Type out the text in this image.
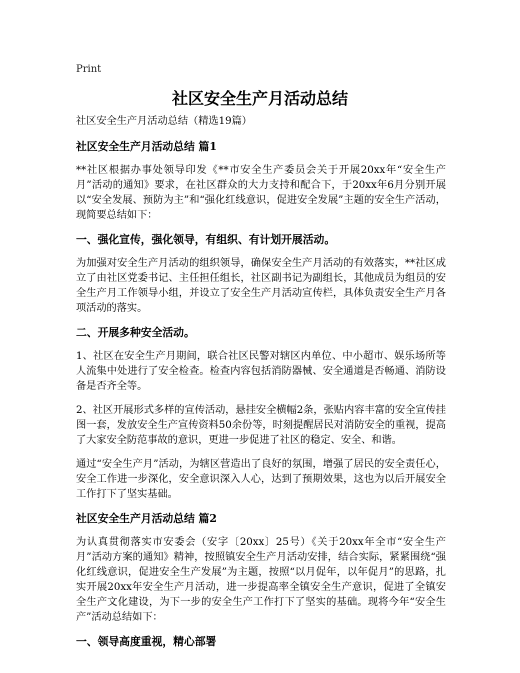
Print
社区安全生产月活动总结

社区安全生产月活动总结（精选19篇）

社区安全生产月活动总结 篇1

**社区根据办事处领导印发《**市安全生产委员会关于开展20xx年“安全生产月”活动的通知》要求，在社区群众的大力支持和配合下，于20xx年6月分别开展以“安全发展、预防为主”和“强化红线意识，促进安全发展”主题的安全生产活动，现简要总结如下：

一、强化宣传，强化领导，有组织、有计划开展活动。

为加强对安全生产月活动的组织领导，确保安全生产月活动的有效落实，**社区成立了由社区党委书记、主任担任组长，社区副书记为副组长，其他成员为组员的安全生产月工作领导小组，并设立了安全生产月活动宣传栏，具体负责安全生产月各项活动的落实。

二、开展多种安全活动。

1、社区在安全生产月期间，联合社区民警对辖区内单位、中小超市、娱乐场所等人流集中处进行了安全检查。检查内容包括消防器械、安全通道是否畅通、消防设备是否齐全等。

2、社区开展形式多样的宣传活动，悬挂安全横幅2条，张贴内容丰富的安全宣传挂图一套，发放安全生产宣传资料50余份等，时刻提醒居民对消防安全的重视，提高了大家安全防范事故的意识，更进一步促进了社区的稳定、安全、和谐。

通过“安全生产月”活动，为辖区营造出了良好的氛围，增强了居民的安全责任心，安全工作进一步深化，安全意识深入人心，达到了预期效果，这也为以后开展安全工作打下了坚实基础。

社区安全生产月活动总结 篇2

为认真贯彻落实市安委会（安字〔20xx〕25号）《关于20xx年全市“安全生产月”活动方案的通知》精神，按照镇安全生产月活动安排，结合实际，紧紧围绕“强化红线意识，促进安全生产发展”为主题，按照“以月促年，以年促月”的思路，扎实开展20xx年安全生产月活动，进一步提高率全镇安全生产意识，促进了全镇安全生产文化建设，为下一步的安全生产工作打下了坚实的基础。现将今年“安全生产”活动总结如下：

一、领导高度重视，精心部署
